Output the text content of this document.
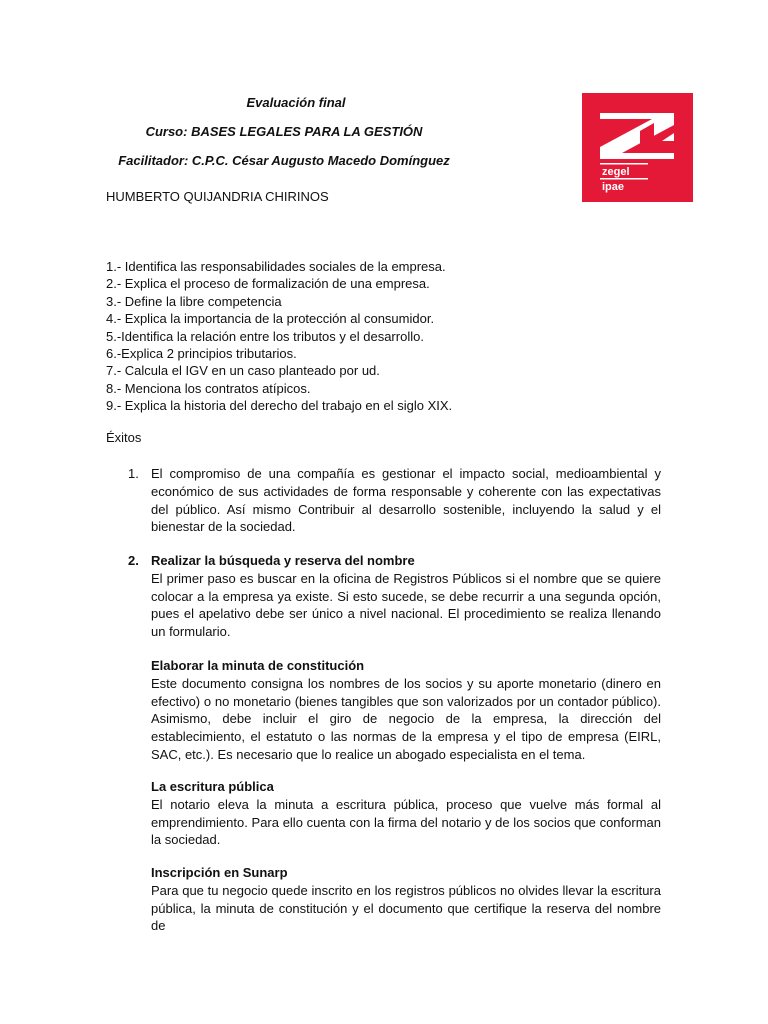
Evaluación final
Curso: BASES LEGALES PARA LA GESTIÓN
Facilitador: C.P.C. César Augusto Macedo Domínguez
HUMBERTO QUIJANDRIA CHIRINOS
zegel
ipae
1.- Identifica las responsabilidades sociales de la empresa.
2.- Explica el proceso de formalización de una empresa.
3.- Define la libre competencia
4.- Explica la importancia de la protección al consumidor.
5.-Identifica la relación entre los tributos y el desarrollo.
6.-Explica 2 principios tributarios.
7.- Calcula el IGV en un caso planteado por ud.
8.- Menciona los contratos atípicos.
9.- Explica la historia del derecho del trabajo en el siglo XIX.
Éxitos
1. El compromiso de una compañía es gestionar el impacto social, medioambiental y económico de sus actividades de forma responsable y coherente con las expectativas del público. Así mismo Contribuir al desarrollo sostenible, incluyendo la salud y el bienestar de la sociedad.
2. Realizar la búsqueda y reserva del nombre
El primer paso es buscar en la oficina de Registros Públicos si el nombre que se quiere colocar a la empresa ya existe. Si esto sucede, se debe recurrir a una segunda opción, pues el apelativo debe ser único a nivel nacional. El procedimiento se realiza llenando un formulario.
Elaborar la minuta de constitución
Este documento consigna los nombres de los socios y su aporte monetario (dinero en efectivo) o no monetario (bienes tangibles que son valorizados por un contador público). Asimismo, debe incluir el giro de negocio de la empresa, la dirección del establecimiento, el estatuto o las normas de la empresa y el tipo de empresa (EIRL, SAC, etc.). Es necesario que lo realice un abogado especialista en el tema.
La escritura pública
El notario eleva la minuta a escritura pública, proceso que vuelve más formal al emprendimiento. Para ello cuenta con la firma del notario y de los socios que conforman la sociedad.
Inscripción en Sunarp
Para que tu negocio quede inscrito en los registros públicos no olvides llevar la escritura pública, la minuta de constitución y el documento que certifique la reserva del nombre de
